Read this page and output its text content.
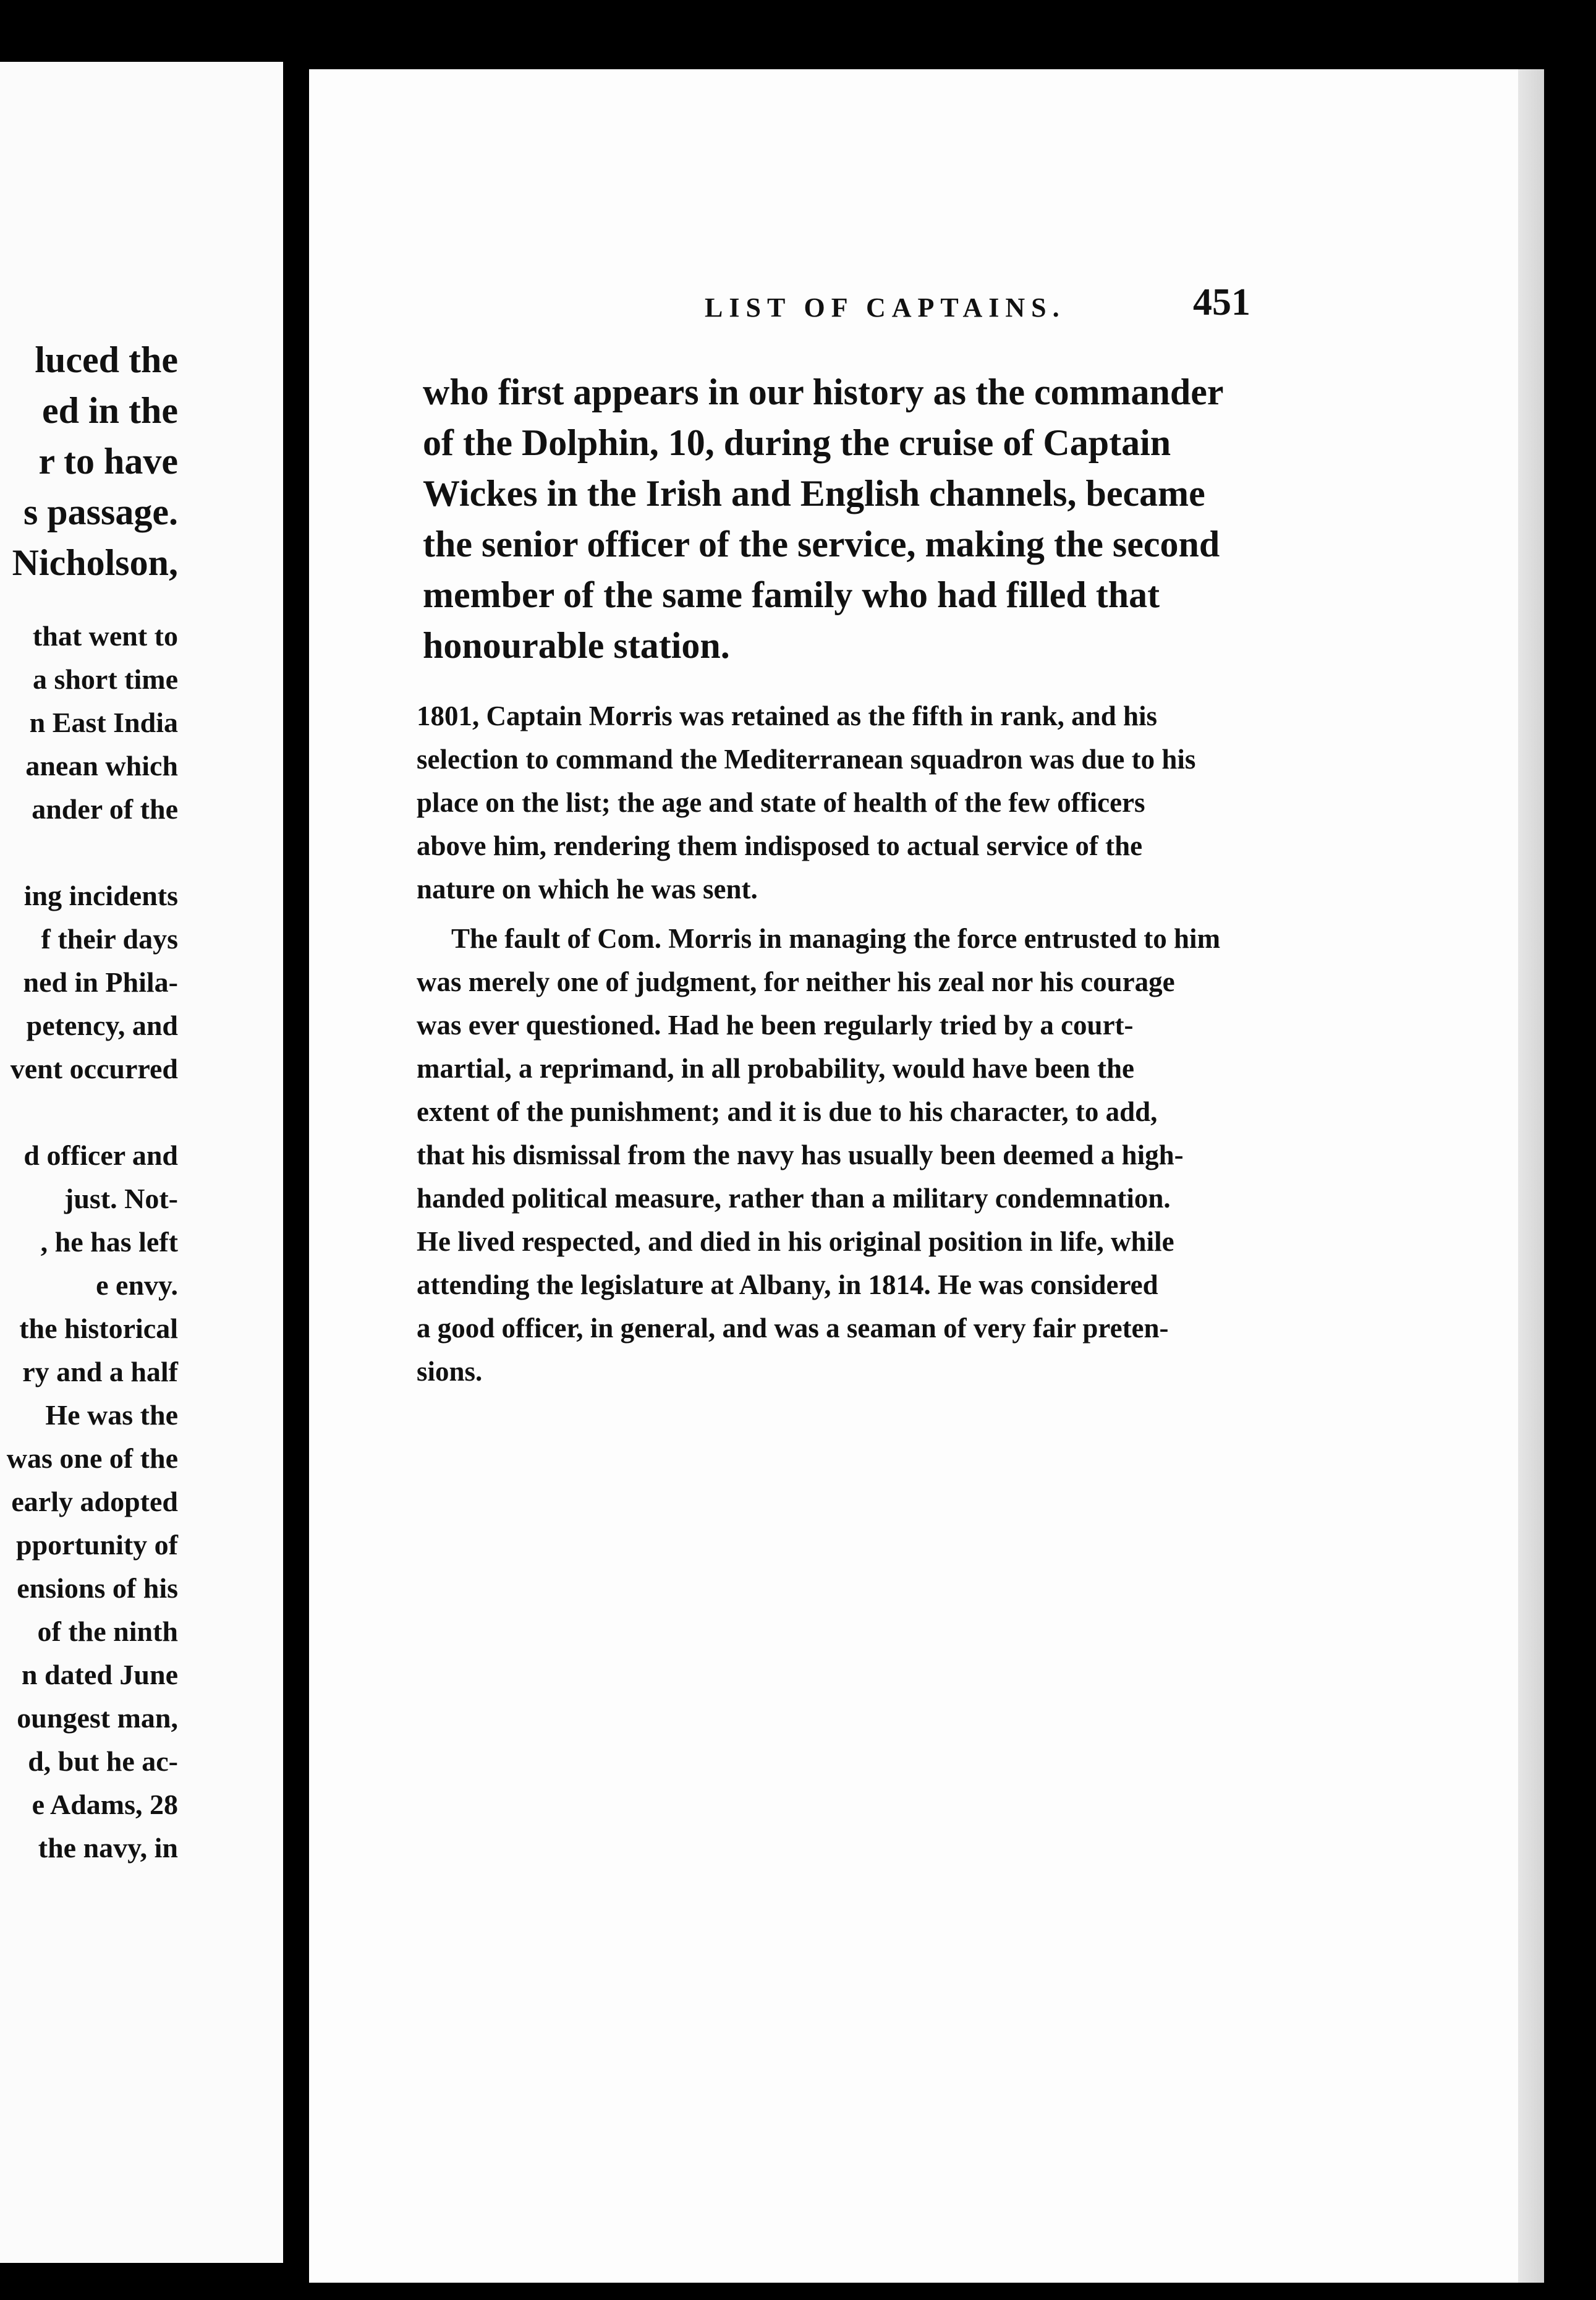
luced the
ed in the
r to have
s passage.
Nicholson,
that went to
a short time
n East India
anean which
ander of the
ing incidents
f their days
ned in Phila-
petency, and
vent occurred
d officer and
just. Not-
, he has left
e envy.
the historical
ry and a half
He was the
was one of the
early adopted
pportunity of
ensions of his
of the ninth
n dated June
oungest man,
d, but he ac-
e Adams, 28
the navy, in
LIST OF CAPTAINS.	451
who first appears in our history as the commander
of the Dolphin, 10, during the cruise of Captain
Wickes in the Irish and English channels, became
the senior officer of the service, making the second
member of the same family who had filled that
honourable station.
1801, Captain Morris was retained as the fifth in rank, and his
selection to command the Mediterranean squadron was due to his
place on the list; the age and state of health of the few officers
above him, rendering them indisposed to actual service of the
nature on which he was sent.
The fault of Com. Morris in managing the force entrusted to him
was merely one of judgment, for neither his zeal nor his courage
was ever questioned. Had he been regularly tried by a court-
martial, a reprimand, in all probability, would have been the
extent of the punishment; and it is due to his character, to add,
that his dismissal from the navy has usually been deemed a high-
handed political measure, rather than a military condemnation.
He lived respected, and died in his original position in life, while
attending the legislature at Albany, in 1814. He was considered
a good officer, in general, and was a seaman of very fair preten-
sions.
